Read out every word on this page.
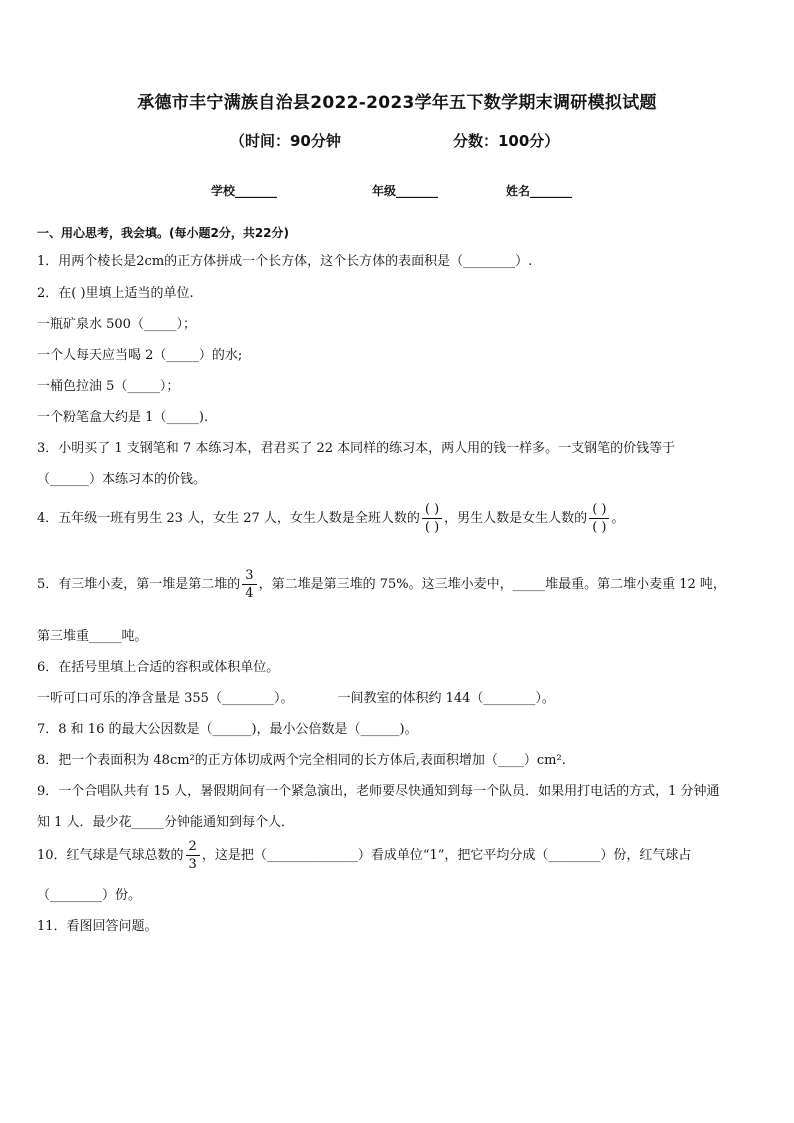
承德市丰宁满族自治县2022-2023学年五下数学期末调研模拟试题
（时间：90分钟	分数：100分）
学校_______	年级_______	姓名_______
一、用心思考，我会填。(每小题2分，共22分)
1．用两个棱长是2cm的正方体拼成一个长方体，这个长方体的表面积是（________）.
2．在( )里填上适当的单位.
一瓶矿泉水 500（_____）；
一个人每天应当喝 2（_____）的水;
一桶色拉油 5（_____）；
一个粉笔盒大约是 1（_____).
3．小明买了 1 支钢笔和 7 本练习本，君君买了 22 本同样的练习本，两人用的钱一样多。一支钢笔的价钱等于
（______）本练习本的价钱。
4．五年级一班有男生 23 人，女生 27 人，女生人数是全班人数的 $\frac{( )}{( )}$ ，男生人数是女生人数的 $\frac{( )}{( )}$ 。
5．有三堆小麦，第一堆是第二堆的 $\frac{3}{4}$ ，第二堆是第三堆的 75%。这三堆小麦中，_____堆最重。第二堆小麦重 12 吨，
第三堆重_____吨。
6．在括号里填上合适的容积或体积单位。
一听可口可乐的净含量是 355（________）。	一间教室的体积约 144（________）。
7．8 和 16 的最大公因数是（______)，最小公倍数是（______)。
8．把一个表面积为 48cm²的正方体切成两个完全相同的长方体后,表面积增加（____）cm².
9．一个合唱队共有 15 人，暑假期间有一个紧急演出，老师要尽快通知到每一个队员．如果用打电话的方式，1 分钟通
知 1 人．最少花_____分钟能通知到每个人．
10．红气球是气球总数的 $\frac{2}{3}$ ，这是把（______________）看成单位“1”，把它平均分成（________）份，红气球占
（________）份。
11．看图回答问题。
